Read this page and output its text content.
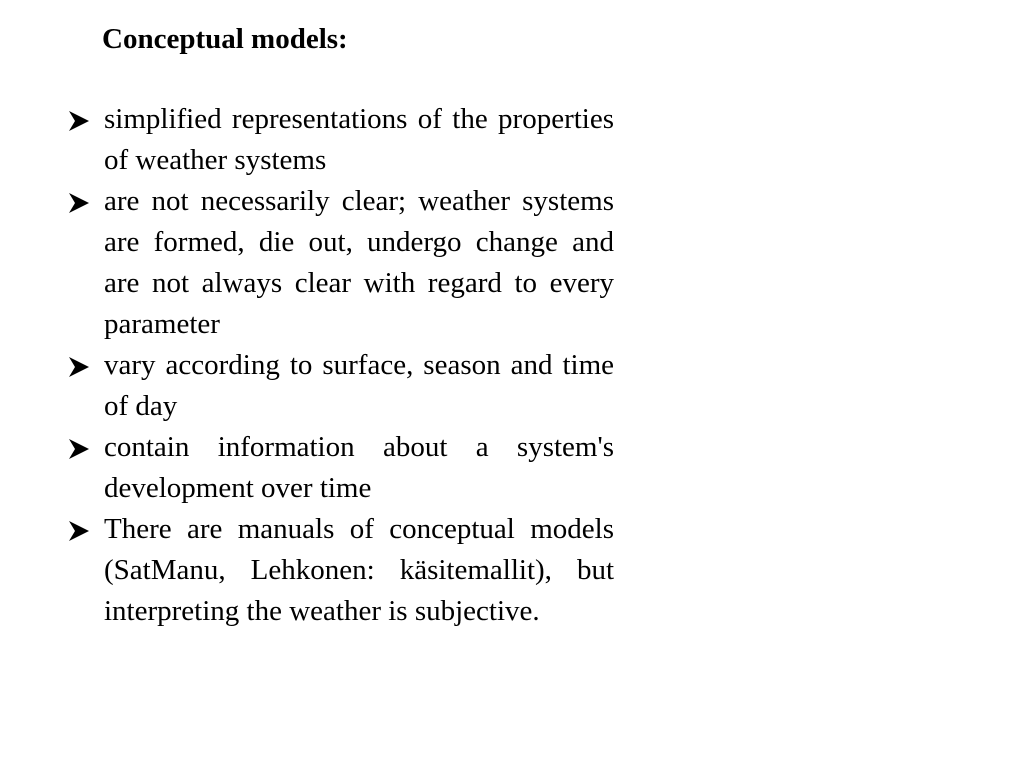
Conceptual models:
simplified representations of the properties of weather systems
are not necessarily clear; weather systems are formed, die out, undergo change and are not always clear with regard to every parameter
vary according to surface, season and time of day
contain information about a system's development over time
There are manuals of conceptual models (SatManu, Lehkonen: käsitemallit), but interpreting the weather is subjective.
